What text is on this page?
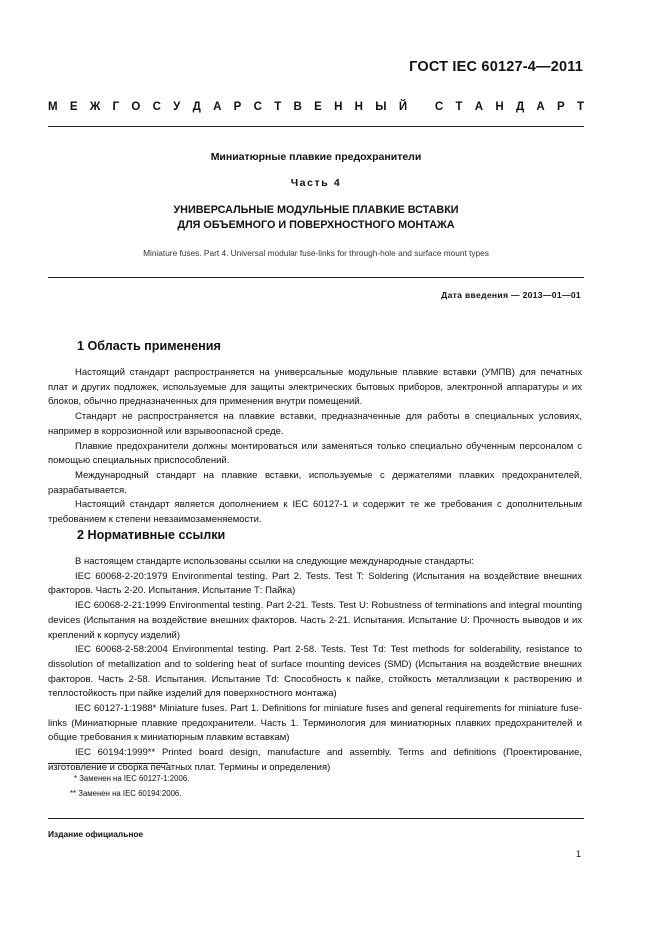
ГОСТ IEC 60127-4—2011
М Е Ж Г О С У Д А Р С Т В Е Н Н Ы Й
С Т А Н Д А Р Т
Миниатюрные плавкие предохранители
Часть 4
УНИВЕРСАЛЬНЫЕ МОДУЛЬНЫЕ ПЛАВКИЕ ВСТАВКИ
ДЛЯ ОБЪЕМНОГО И ПОВЕРХНОСТНОГО МОНТАЖА
Miniature fuses. Part 4. Universal modular fuse-links for through-hole and surface mount types
Дата введения — 2013—01—01
1 Область применения

Настоящий стандарт распространяется на универсальные модульные плавкие вставки (УМПВ) для печатных плат и других подложек, используемые для защиты электрических бытовых приборов, электронной аппаратуры и их блоков, обычно предназначенных для применения внутри помещений.

Стандарт не распространяется на плавкие вставки, предназначенные для работы в специальных условиях, например в коррозионной или взрывоопасной среде.

Плавкие предохранители должны монтироваться или заменяться только специально обученным персоналом с помощью специальных приспособлений.

Международный стандарт на плавкие вставки, используемые с держателями плавких предохранителей, разрабатывается.

Настоящий стандарт является дополнением к IEC 60127-1 и содержит те же требования с дополнительным требованием к степени невзаимозаменяемости.

2 Нормативные ссылки

В настоящем стандарте использованы ссылки на следующие международные стандарты:

IEC 60068-2-20:1979 Environmental testing. Part 2. Tests. Test T: Soldering (Испытания на воздействие внешних факторов. Часть 2-20. Испытания. Испытание Т: Пайка)

IEC 60068-2-21:1999 Environmental testing. Part 2-21. Tests. Test U: Robustness of terminations and integral mounting devices (Испытания на воздействие внешних факторов. Часть 2-21. Испытания. Испытание U: Прочность выводов и их креплений к корпусу изделий)

IEC 60068-2-58:2004 Environmental testing. Part 2-58. Tests. Test Td: Test methods for solderability, resistance to dissolution of metallization and to soldering heat of surface mounting devices (SMD) (Испытания на воздействие внешних факторов. Часть 2-58. Испытания. Испытание Td: Способность к пайке, стойкость металлизации к растворению и теплостойкость при пайке изделий для поверхностного монтажа)

IEC 60127-1:1988* Miniature fuses. Part 1. Definitions for miniature fuses and general requirements for miniature fuse-links (Миниатюрные плавкие предохранители. Часть 1. Терминология для миниатюрных плавких предохранителей и общие требования к миниатюрным плавким вставкам)

IEC 60194:1999** Printed board design, manufacture and assembly. Terms and definitions (Проектирование, изготовление и сборка печатных плат. Термины и определения)

* Заменен на IEC 60127-1:2006.
** Заменен на IEC 60194:2006.
Издание официальное
1
